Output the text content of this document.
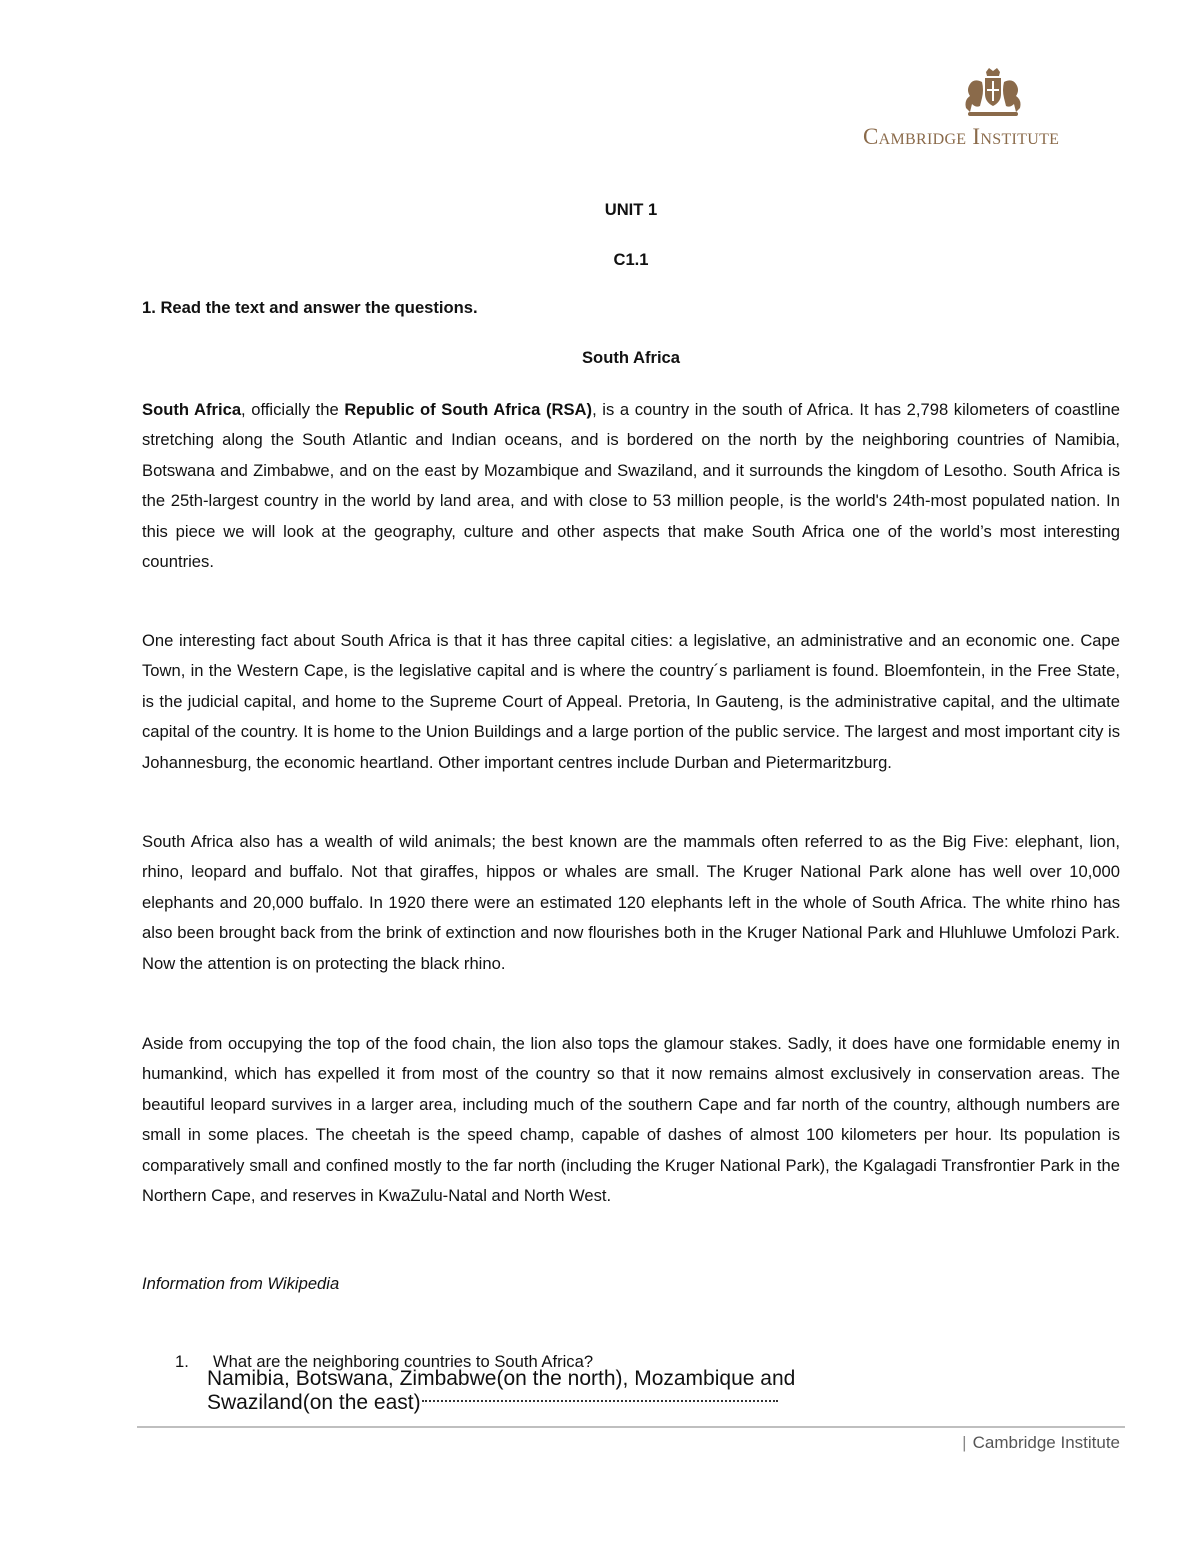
Cambridge Institute
UNIT 1
C1.1
1. Read the text and answer the questions.
South Africa

South Africa, officially the Republic of South Africa (RSA), is a country in the south of Africa. It has 2,798 kilometers of coastline stretching along the South Atlantic and Indian oceans, and is bordered on the north by the neighboring countries of Namibia, Botswana and Zimbabwe, and on the east by Mozambique and Swaziland, and it surrounds the kingdom of Lesotho. South Africa is the 25th-largest country in the world by land area, and with close to 53 million people, is the world's 24th-most populated nation. In this piece we will look at the geography, culture and other aspects that make South Africa one of the world’s most interesting countries.

One interesting fact about South Africa is that it has three capital cities: a legislative, an administrative and an economic one. Cape Town, in the Western Cape, is the legislative capital and is where the country´s parliament is found. Bloemfontein, in the Free State, is the judicial capital, and home to the Supreme Court of Appeal. Pretoria, In Gauteng, is the administrative capital, and the ultimate capital of the country. It is home to the Union Buildings and a large portion of the public service. The largest and most important city is Johannesburg, the economic heartland. Other important centres include Durban and Pietermaritzburg.

South Africa also has a wealth of wild animals; the best known are the mammals often referred to as the Big Five: elephant, lion, rhino, leopard and buffalo. Not that giraffes, hippos or whales are small. The Kruger National Park alone has well over 10,000 elephants and 20,000 buffalo. In 1920 there were an estimated 120 elephants left in the whole of South Africa. The white rhino has also been brought back from the brink of extinction and now flourishes both in the Kruger National Park and Hluhluwe Umfolozi Park. Now the attention is on protecting the black rhino.

Aside from occupying the top of the food chain, the lion also tops the glamour stakes. Sadly, it does have one formidable enemy in humankind, which has expelled it from most of the country so that it now remains almost exclusively in conservation areas. The beautiful leopard survives in a larger area, including much of the southern Cape and far north of the country, although numbers are small in some places. The cheetah is the speed champ, capable of dashes of almost 100 kilometers per hour. Its population is comparatively small and confined mostly to the far north (including the Kruger National Park), the Kgalagadi Transfrontier Park in the Northern Cape, and reserves in KwaZulu-Natal and North West.

Information from Wikipedia
1. What are the neighboring countries to South Africa?
Namibia, Botswana, Zimbabwe(on the north), Mozambique and
Swaziland(on the east)
| Cambridge Institute
